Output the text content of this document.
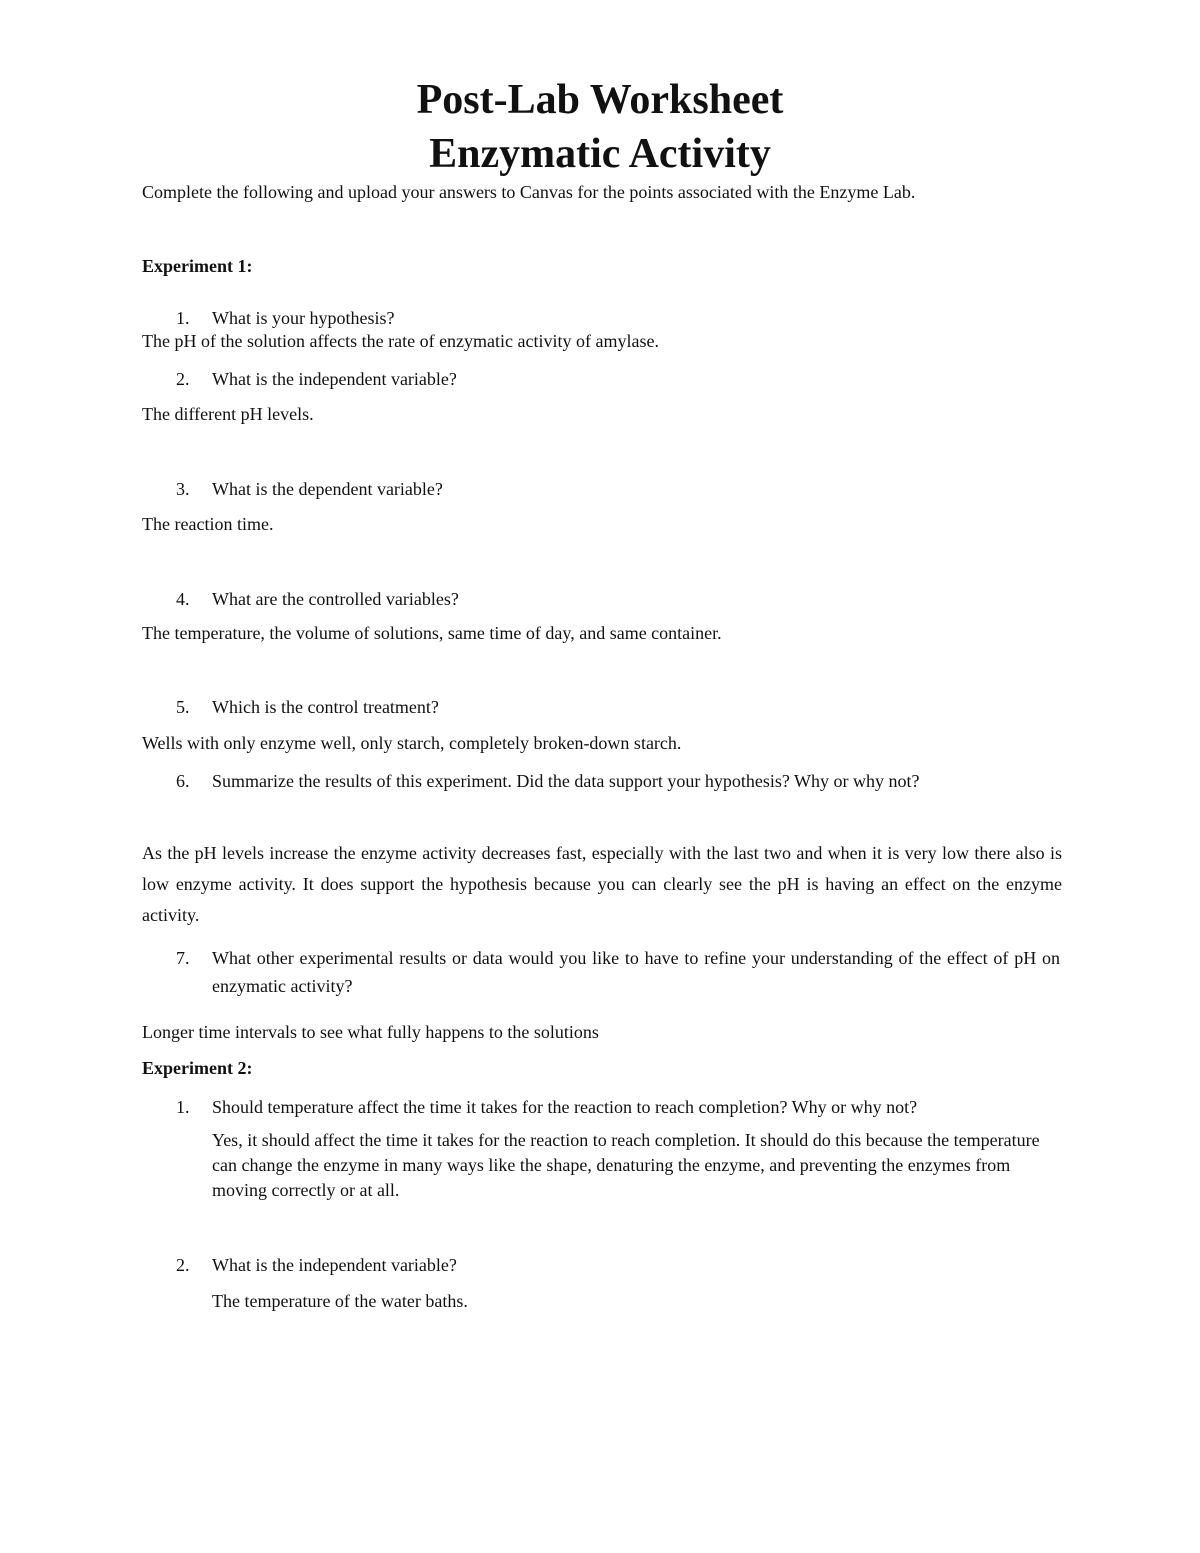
Post-Lab Worksheet
Enzymatic Activity
Complete the following and upload your answers to Canvas for the points associated with the Enzyme Lab.
Experiment 1:
1. What is your hypothesis?
The pH of the solution affects the rate of enzymatic activity of amylase.
2. What is the independent variable?
The different pH levels.
3. What is the dependent variable?
The reaction time.
4. What are the controlled variables?
The temperature, the volume of solutions, same time of day, and same container.
5. Which is the control treatment?
Wells with only enzyme well, only starch, completely broken-down starch.
6. Summarize the results of this experiment. Did the data support your hypothesis? Why or why not?
As the pH levels increase the enzyme activity decreases fast, especially with the last two and when it is very low there also is low enzyme activity. It does support the hypothesis because you can clearly see the pH is having an effect on the enzyme activity.
7. What other experimental results or data would you like to have to refine your understanding of the effect of pH on enzymatic activity?
Longer time intervals to see what fully happens to the solutions
Experiment 2:
1. Should temperature affect the time it takes for the reaction to reach completion? Why or why not?
Yes, it should affect the time it takes for the reaction to reach completion. It should do this because the temperature can change the enzyme in many ways like the shape, denaturing the enzyme, and preventing the enzymes from moving correctly or at all.
2. What is the independent variable?
The temperature of the water baths.
